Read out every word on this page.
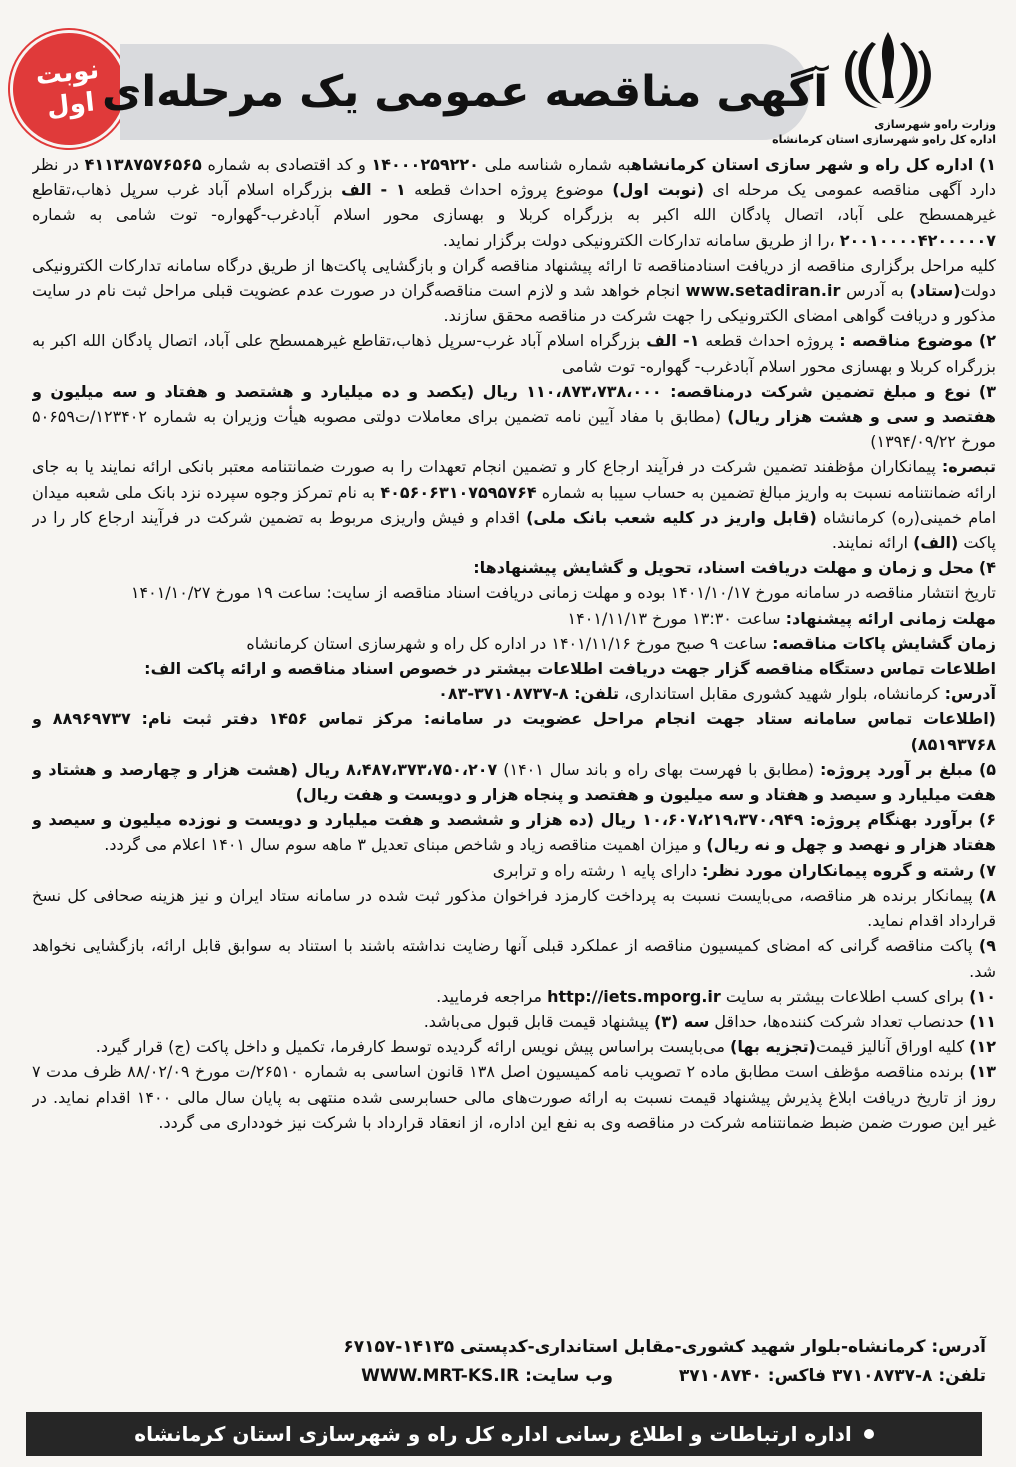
نوبت
اول آگهی مناقصه عمومی یک مرحله‌ای
وزارت راه‌و شهرسازی
اداره کل راه‌و شهرسازی استان کرمانشاه

۱) اداره کل راه و شهر سازی استان کرمانشاهبه شماره شناسه ملی ۱۴۰۰۰۲۵۹۲۲۰ و کد اقتصادی به شماره ۴۱۱۳۸۷۵۷۶۵۶۵ در نظر دارد آگهی مناقصه عمومی یک مرحله ای (نوبت اول) موضوع پروژه احداث قطعه ۱ - الف بزرگراه اسلام آباد غرب سرپل ذهاب،تقاطع غیرهمسطح علی آباد، اتصال پادگان الله اکبر به بزرگراه کربلا و بهسازی محور اسلام آبادغرب-گهواره- توت شامی به شماره ۲۰۰۱۰۰۰۰۴۲۰۰۰۰۰۷ ،را از طریق سامانه تدارکات الکترونیکی دولت برگزار نماید.

کلیه مراحل برگزاری مناقصه از دریافت اسنادمناقصه تا ارائه پیشنهاد مناقصه گران و بازگشایی پاکت‌ها از طریق درگاه سامانه تدارکات الکترونیکی دولت(ستاد) به آدرس www.setadiran.ir انجام خواهد شد و لازم است مناقصه‌گران در صورت عدم عضویت قبلی مراحل ثبت نام در سایت مذکور و دریافت گواهی امضای الکترونیکی را جهت شرکت در مناقصه محقق سازند.

۲) موضوع مناقصه : پروژه احداث قطعه ۱- الف بزرگراه اسلام آباد غرب-سرپل ذهاب،تقاطع غیرهمسطح علی آباد، اتصال پادگان الله اکبر به بزرگراه کربلا و بهسازی محور اسلام آبادغرب- گهواره- توت شامی

۳) نوع و مبلغ تضمین شرکت درمناقصه: ۱۱۰،۸۷۳،۷۳۸،۰۰۰ ریال (یکصد و ده میلیارد و هشتصد و هفتاد و سه میلیون و هفتصد و سی و هشت هزار ریال) (مطابق با مفاد آیین نامه تضمین برای معاملات دولتی مصوبه هیأت وزیران به شماره ۱۲۳۴۰۲/ت۵۰۶۵۹ مورخ ۱۳۹۴/۰۹/۲۲)

تبصره: پیمانکاران مؤظفند تضمین شرکت در فرآیند ارجاع کار و تضمین انجام تعهدات را به صورت ضمانتنامه معتبر بانکی ارائه نمایند یا به جای ارائه ضمانتنامه نسبت به واریز مبالغ تضمین به حساب سیبا به شماره ۴۰۵۶۰۶۳۱۰۷۵۹۵۷۶۴ به نام تمرکز وجوه سپرده نزد بانک ملی شعبه میدان امام خمینی(ره) کرمانشاه (قابل واریز در کلیه شعب بانک ملی) اقدام و فیش واریزی مربوط به تضمین شرکت در فرآیند ارجاع کار را در پاکت (الف) ارائه نمایند.

۴) محل و زمان و مهلت دریافت اسناد، تحویل و گشایش پیشنهادها:

تاریخ انتشار مناقصه در سامانه مورخ ۱۴۰۱/۱۰/۱۷ بوده و مهلت زمانی دریافت اسناد مناقصه از سایت: ساعت ۱۹ مورخ ۱۴۰۱/۱۰/۲۷

مهلت زمانی ارائه پیشنهاد: ساعت ۱۳:۳۰ مورخ ۱۴۰۱/۱۱/۱۳

زمان گشایش پاکات مناقصه: ساعت ۹ صبح مورخ ۱۴۰۱/۱۱/۱۶ در اداره کل راه و شهرسازی استان کرمانشاه

اطلاعات تماس دستگاه مناقصه گزار جهت دریافت اطلاعات بیشتر در خصوص اسناد مناقصه و ارائه پاکت الف:

آدرس: کرمانشاه، بلوار شهید کشوری مقابل استانداری، تلفن: ۸-۳۷۱۰۸۷۳۷-۰۸۳

(اطلاعات تماس سامانه ستاد جهت انجام مراحل عضویت در سامانه: مرکز تماس ۱۴۵۶ دفتر ثبت نام: ۸۸۹۶۹۷۳۷ و ۸۵۱۹۳۷۶۸)

۵) مبلغ بر آورد پروژه: (مطابق با فهرست بهای راه و باند سال ۱۴۰۱) ۸،۴۸۷،۳۷۳،۷۵۰،۲۰۷ ریال (هشت هزار و چهارصد و هشتاد و هفت میلیارد و سیصد و هفتاد و سه میلیون و هفتصد و پنجاه هزار و دویست و هفت ریال)

۶) برآورد بهنگام پروژه: ۱۰،۶۰۷،۲۱۹،۳۷۰،۹۴۹ ریال (ده هزار و ششصد و هفت میلیارد و دویست و نوزده میلیون و سیصد و هفتاد هزار و نهصد و چهل و نه ریال) و میزان اهمیت مناقصه زیاد و شاخص مبنای تعدیل ۳ ماهه سوم سال ۱۴۰۱ اعلام می گردد.

۷) رشته و گروه پیمانکاران مورد نظر: دارای پایه ۱ رشته راه و ترابری

۸) پیمانکار برنده هر مناقصه، می‌بایست نسبت به پرداخت کارمزد فراخوان مذکور ثبت شده در سامانه ستاد ایران و نیز هزینه صحافی کل نسخ قرارداد اقدام نماید.

۹) پاکت مناقصه گرانی که امضای کمیسیون مناقصه از عملکرد قبلی آنها رضایت نداشته باشند با استناد به سوابق قابل ارائه، بازگشایی نخواهد شد.

۱۰) برای کسب اطلاعات بیشتر به سایت http://iets.mporg.ir مراجعه فرمایید.

۱۱) حدنصاب تعداد شرکت کننده‌ها، حداقل سه (۳) پیشنهاد قیمت قابل قبول می‌باشد.

۱۲) کلیه اوراق آنالیز قیمت(تجزیه بها) می‌بایست براساس پیش نویس ارائه گردیده توسط کارفرما، تکمیل و داخل پاکت (ج) قرار گیرد.

۱۳) برنده مناقصه مؤظف است مطابق ماده ۲ تصویب نامه کمیسیون اصل ۱۳۸ قانون اساسی به شماره ۲۶۵۱۰/ت مورخ ۸۸/۰۲/۰۹ ظرف مدت ۷ روز از تاریخ دریافت ابلاغ پذیرش پیشنهاد قیمت نسبت به ارائه صورت‌های مالی حسابرسی شده منتهی به پایان سال مالی ۱۴۰۰ اقدام نماید. در غیر این صورت ضمن ضبط ضمانتنامه شرکت در مناقصه وی به نفع این اداره، از انعقاد قرارداد با شرکت نیز خودداری می گردد.

آدرس: کرمانشاه-بلوار شهید کشوری-مقابل استانداری-کدپستی ۱۴۱۳۵-۶۷۱۵۷
تلفن: ۸-۳۷۱۰۸۷۳۷ فاکس: ۳۷۱۰۸۷۴۰ وب سایت: WWW.MRT-KS.IR
اداره ارتباطات و اطلاع رسانی اداره کل راه و شهرسازی استان کرمانشاه
